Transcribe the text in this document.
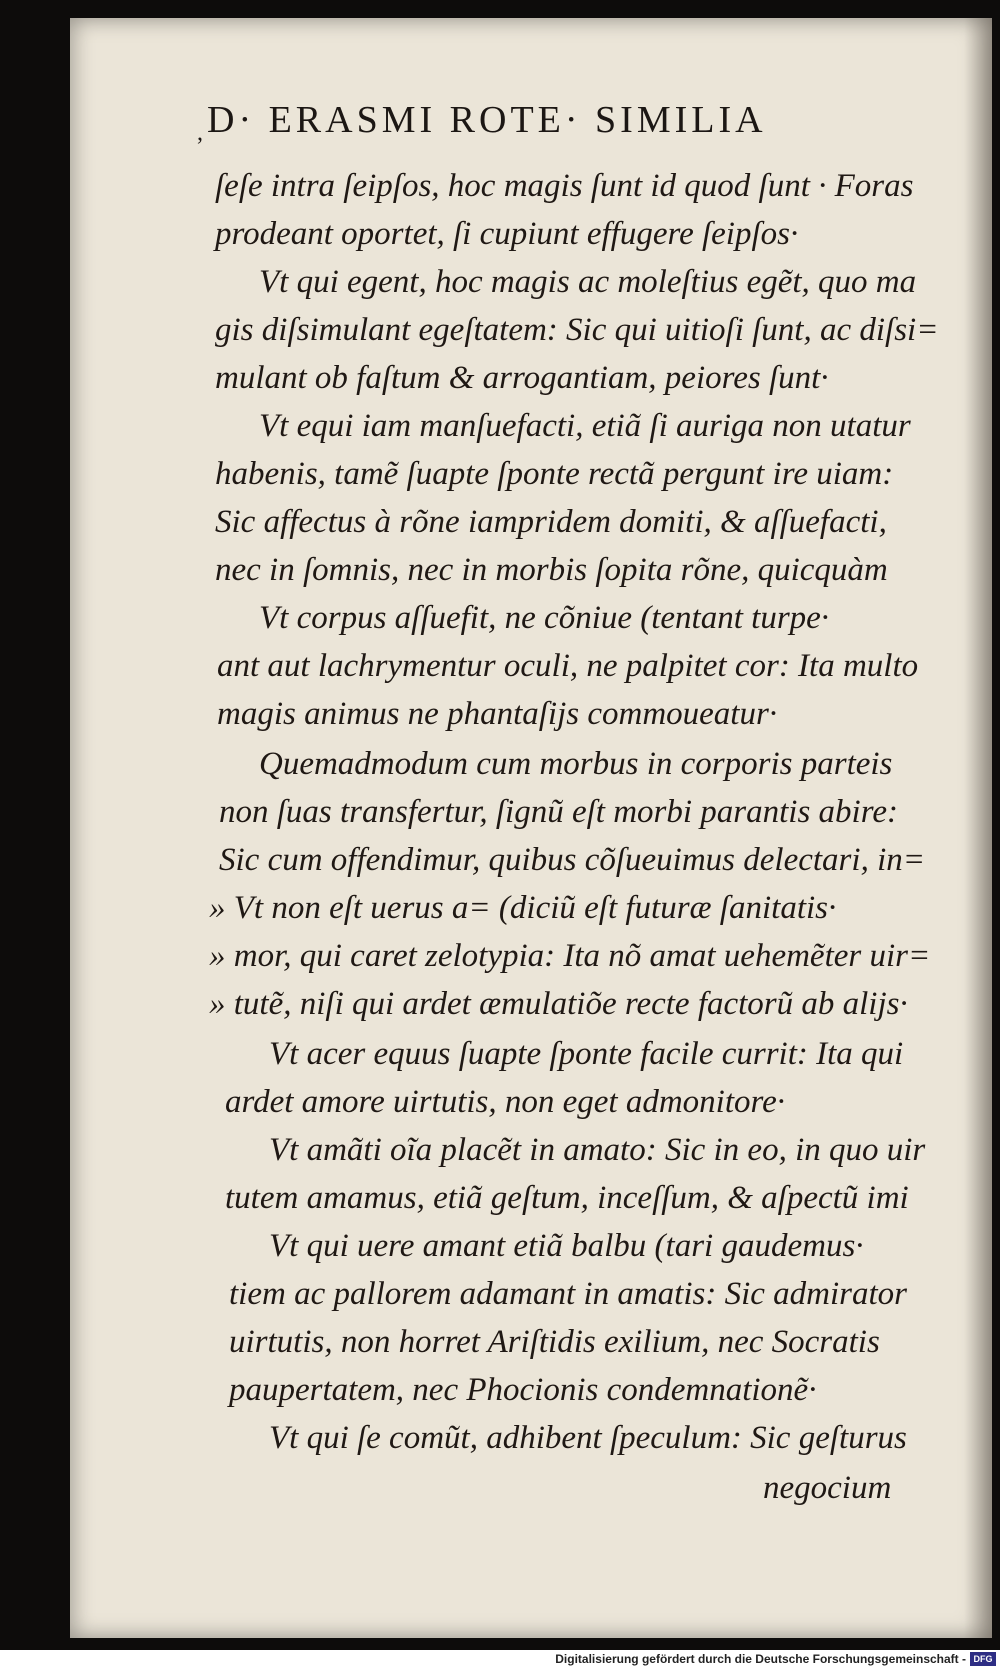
, D· ERASMI ROTE· SIMILIA
ſeſe intra ſeipſos, hoc magis ſunt id quod ſunt · Foras
prodeant oportet, ſi cupiunt effugere ſeipſos·
Vt qui egent, hoc magis ac moleſtius egẽt, quo ma
gis diſsimulant egeſtatem: Sic qui uitioſi ſunt, ac diſsi=
mulant ob faſtum & arrogantiam, peiores ſunt·
Vt equi iam manſuefacti, etiã ſi auriga non utatur
habenis, tamẽ ſuapte ſponte rectã pergunt ire uiam:
Sic affectus à rõne iampridem domiti, & aſſuefacti,
nec in ſomnis, nec in morbis ſopita rõne, quicquàm
Vt corpus aſſuefit, ne cõniue (tentant turpe·
ant aut lachrymentur oculi, ne palpitet cor: Ita multo
magis animus ne phantaſijs commoueatur·
Quemadmodum cum morbus in corporis parteis
non ſuas transfertur, ſignũ eſt morbi parantis abire:
Sic cum offendimur, quibus cõſueuimus delectari, in=
» Vt non eſt uerus a= (diciũ eſt futuræ ſanitatis·
» mor, qui caret zelotypia: Ita nõ amat uehemẽter uir=
» tutẽ, niſi qui ardet æmulatiõe recte factorũ ab alijs·
Vt acer equus ſuapte ſponte facile currit: Ita qui
ardet amore uirtutis, non eget admonitore·
Vt amãti oĩa placẽt in amato: Sic in eo, in quo uir
tutem amamus, etiã geſtum, inceſſum, & aſpectũ imi
Vt qui uere amant etiã balbu (tari gaudemus·
tiem ac pallorem adamant in amatis: Sic admirator
uirtutis, non horret Ariſtidis exilium, nec Socratis
paupertatem, nec Phocionis condemnationẽ·
Vt qui ſe comũt, adhibent ſpeculum: Sic geſturus
negocium
Digitalisierung gefördert durch die Deutsche Forschungsgemeinschaft - DFG
